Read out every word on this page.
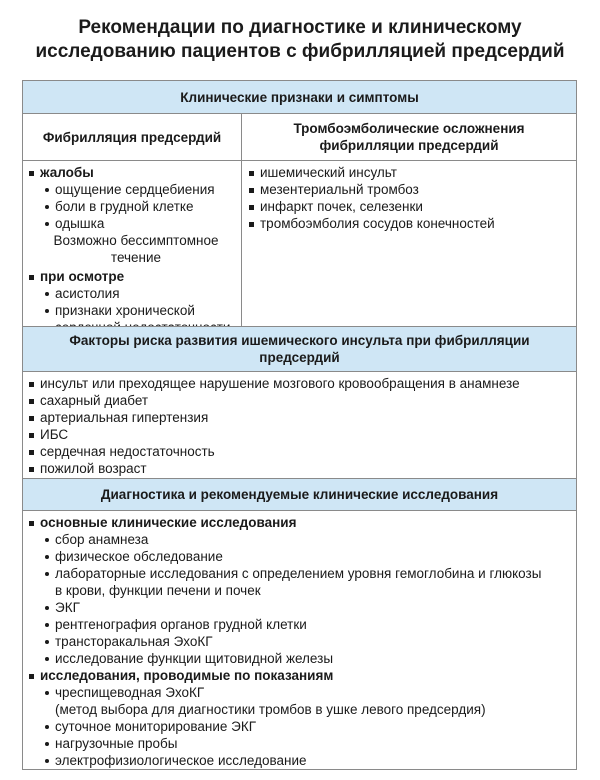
Рекомендации по диагностике и клиническому
исследованию пациентов с фибрилляцией предсердий
Клинические признаки и симптомы
Фибрилляция предсердий
Тромбоэмболические осложнения
фибрилляции предсердий
жалобы
ощущение сердцебиения
боли в грудной клетке
одышка
Возможно бессимптомное
течение
при осмотре
асистолия
признаки хронической
ишемический инсульт
мезентериальнй тромбоз
инфаркт почек, селезенки
тромбоэмболия сосудов конечностей
Факторы риска развития ишемического инсульта при фибрилляции
предсердий
инсульт или преходящее нарушение мозгового кровообращения в анамнезе
сахарный диабет
артериальная гипертензия
ИБС
сердечная недостаточность
пожилой возраст
Диагностика и рекомендуемые клинические исследования
основные клинические исследования
сбор анамнеза
физическое обследование
лабораторные исследования с определением уровня гемоглобина и глюкозы
в крови, функции печени и почек
ЭКГ
рентгенография органов грудной клетки
трансторакальная ЭхоКГ
исследование функции щитовидной железы
исследования, проводимые по показаниям
чреспищеводная ЭхоКГ
(метод выбора для диагностики тромбов в ушке левого предсердия)
суточное мониторирование ЭКГ
нагрузочные пробы
электрофизиологическое исследование
